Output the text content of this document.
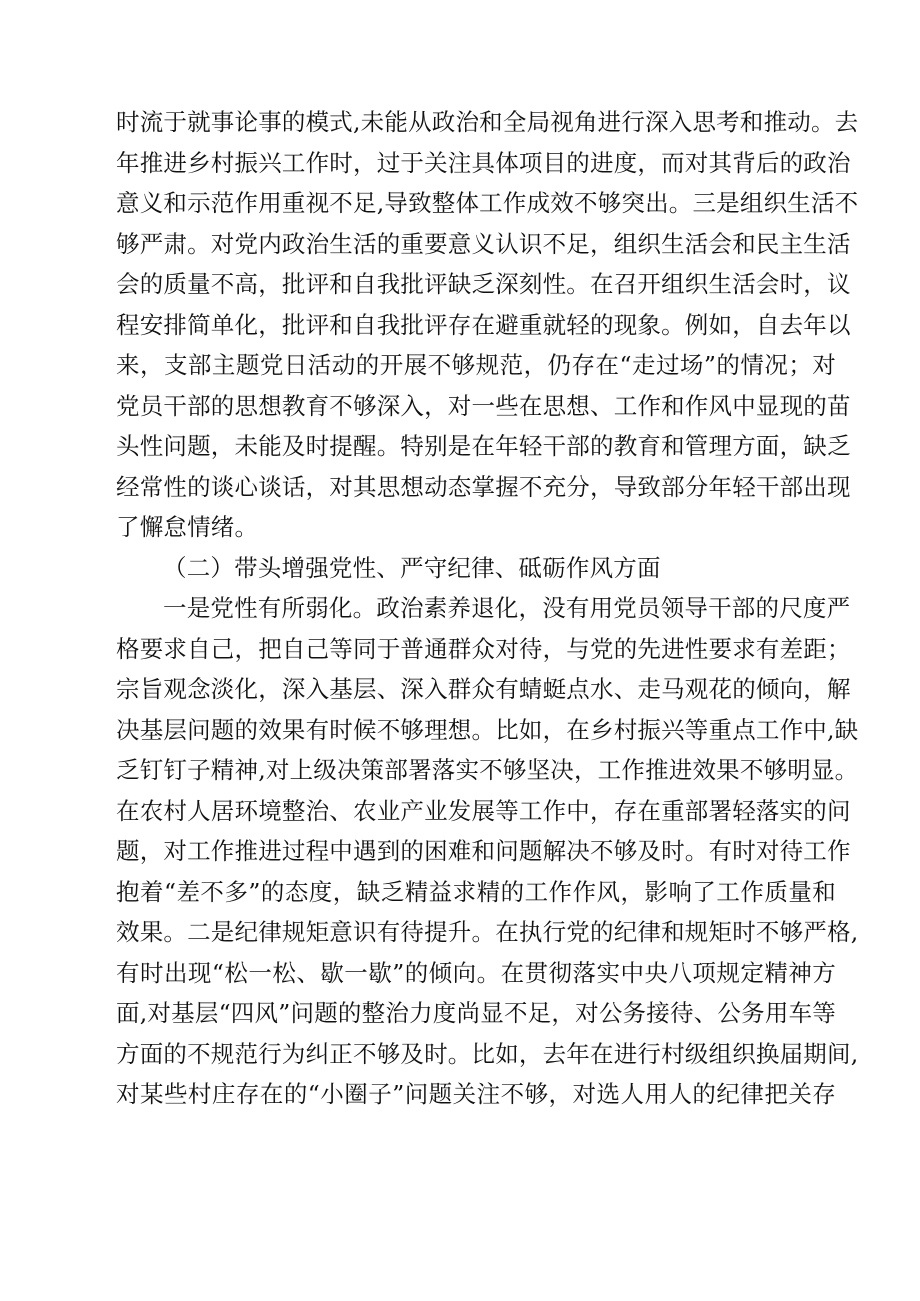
时流于就事论事的模式,未能从政治和全局视角进行深入思考和推动。去
年推进乡村振兴工作时，过于关注具体项目的进度，而对其背后的政治
意义和示范作用重视不足,导致整体工作成效不够突出。三是组织生活不
够严肃。对党内政治生活的重要意义认识不足，组织生活会和民主生活
会的质量不高，批评和自我批评缺乏深刻性。在召开组织生活会时，议
程安排简单化，批评和自我批评存在避重就轻的现象。例如，自去年以
来，支部主题党日活动的开展不够规范，仍存在“走过场”的情况；对
党员干部的思想教育不够深入，对一些在思想、工作和作风中显现的苗
头性问题，未能及时提醒。特别是在年轻干部的教育和管理方面，缺乏
经常性的谈心谈话，对其思想动态掌握不充分，导致部分年轻干部出现
了懈怠情绪。
（二）带头增强党性、严守纪律、砥砺作风方面
一是党性有所弱化。政治素养退化，没有用党员领导干部的尺度严
格要求自己，把自己等同于普通群众对待，与党的先进性要求有差距；
宗旨观念淡化，深入基层、深入群众有蜻蜓点水、走马观花的倾向，解
决基层问题的效果有时候不够理想。比如，在乡村振兴等重点工作中,缺
乏钉钉子精神,对上级决策部署落实不够坚决，工作推进效果不够明显。
在农村人居环境整治、农业产业发展等工作中，存在重部署轻落实的问
题，对工作推进过程中遇到的困难和问题解决不够及时。有时对待工作
抱着“差不多”的态度，缺乏精益求精的工作作风，影响了工作质量和
效果。二是纪律规矩意识有待提升。在执行党的纪律和规矩时不够严格,
有时出现“松一松、歇一歇”的倾向。在贯彻落实中央八项规定精神方
面,对基层“四风”问题的整治力度尚显不足，对公务接待、公务用车等
方面的不规范行为纠正不够及时。比如，去年在进行村级组织换届期间,
对某些村庄存在的“小圈子”问题关注不够，对选人用人的纪律把关存
